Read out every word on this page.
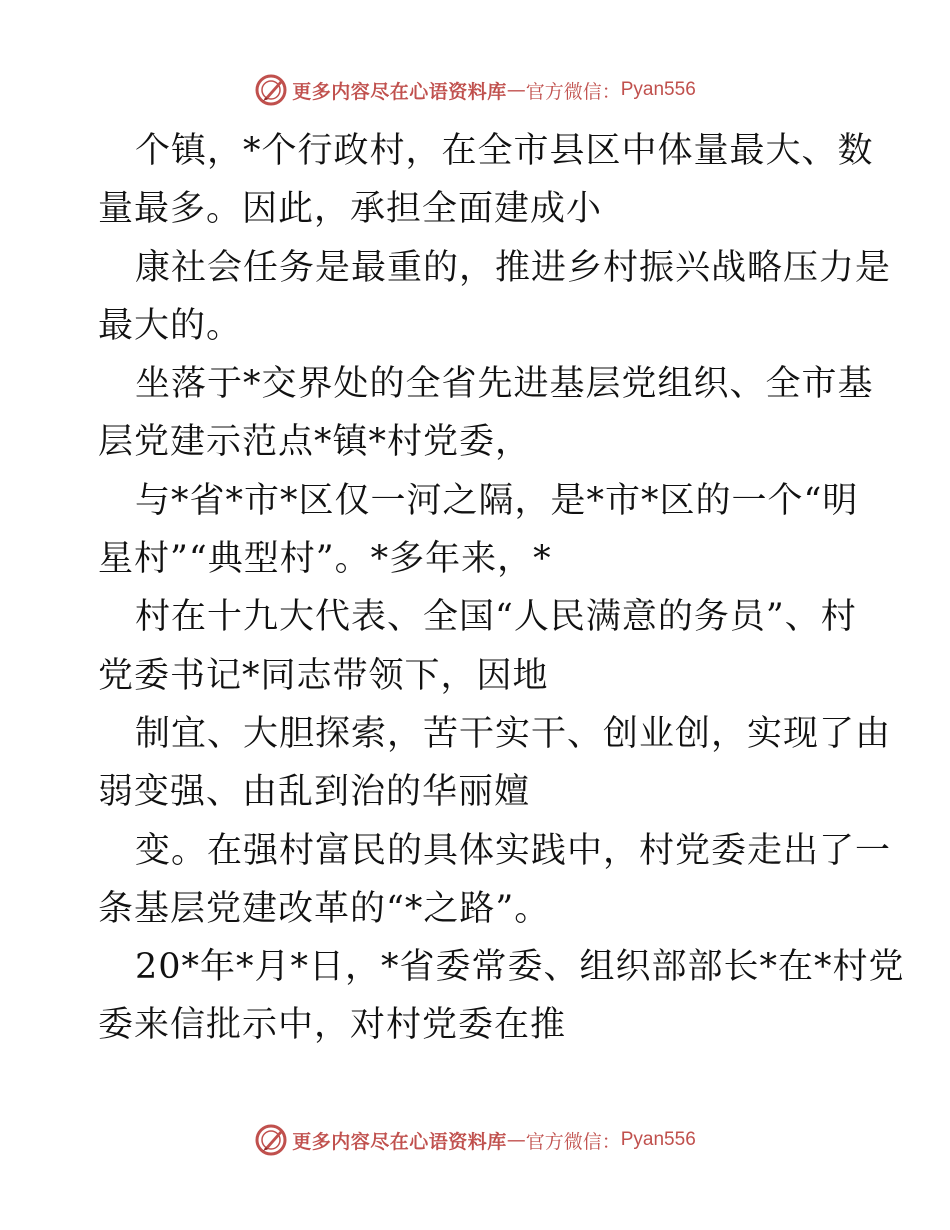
更多内容尽在心语资料库 — 官方微信： Pyan556
个镇，*个行政村，在全市县区中体量最大、数
量最多。因此，承担全面建成小
康社会任务是最重的，推进乡村振兴战略压力是
最大的。
坐落于*交界处的全省先进基层党组织、全市基
层党建示范点*镇*村党委，
与*省*市*区仅一河之隔，是*市*区的一个“明
星村”“典型村”。*多年来，*
村在十九大代表、全国“人民满意的务员”、村
党委书记*同志带领下，因地
制宜、大胆探索，苦干实干、创业创，实现了由
弱变强、由乱到治的华丽嬗
变。在强村富民的具体实践中，村党委走出了一
条基层党建改革的“*之路”。
20*年*月*日，*省委常委、组织部部长*在*村党
委来信批示中，对村党委在推
更多内容尽在心语资料库 — 官方微信： Pyan556
